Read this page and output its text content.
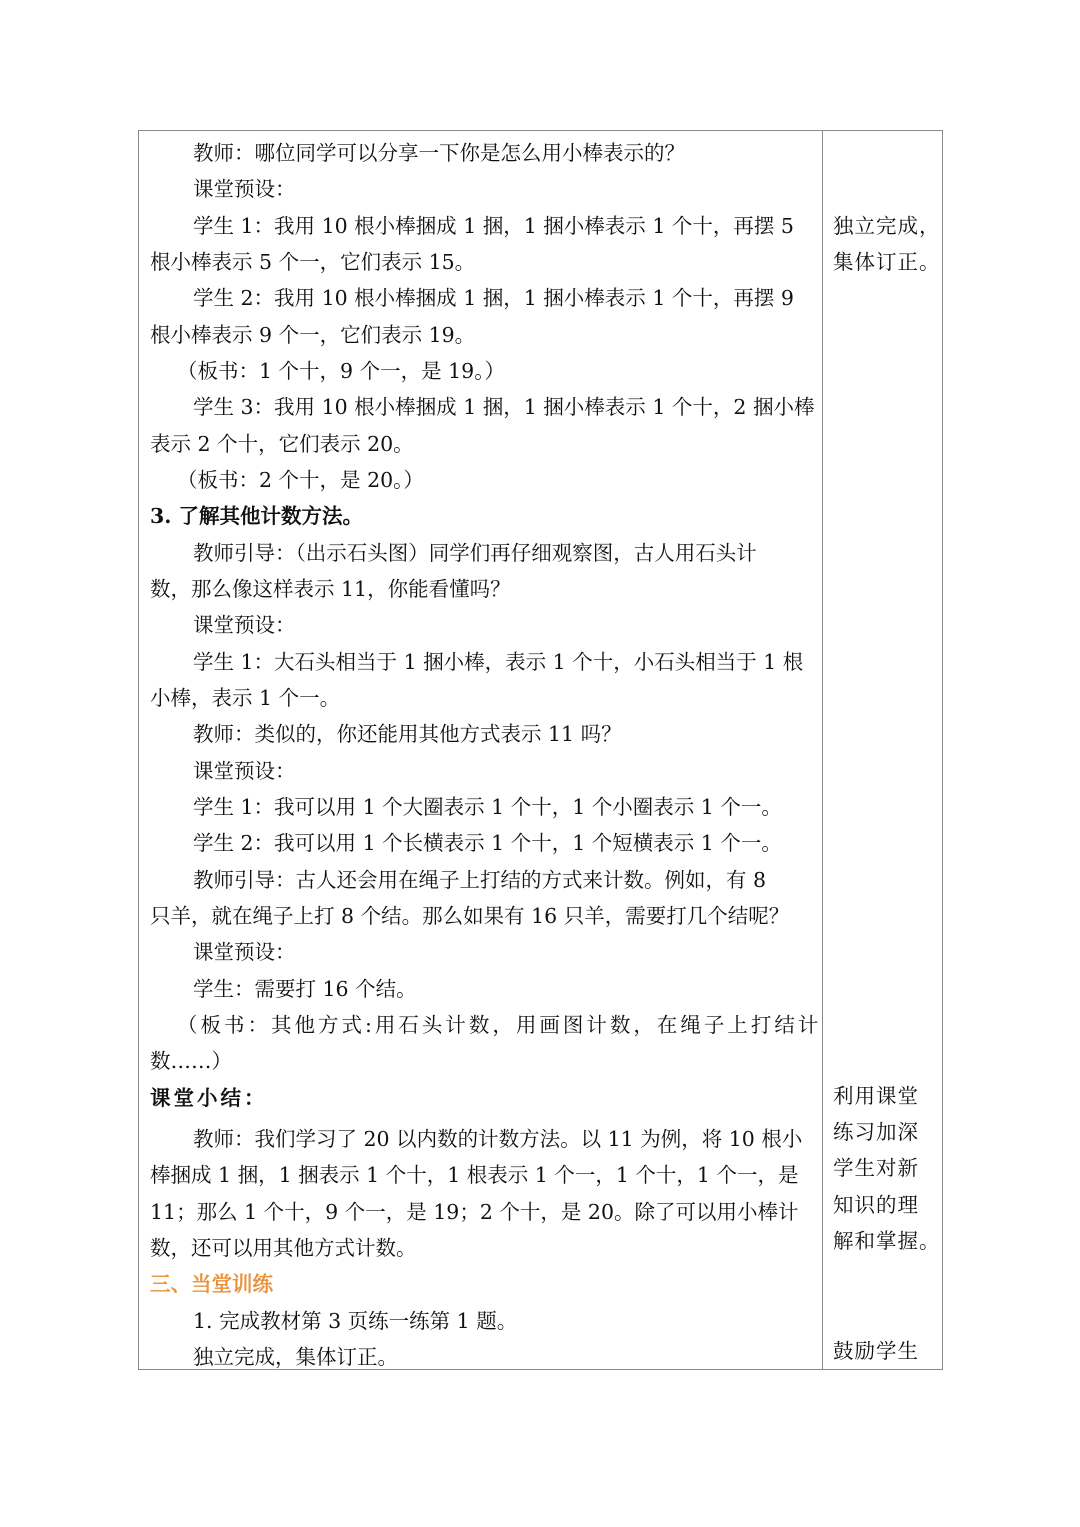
教师：哪位同学可以分享一下你是怎么用小棒表示的？
课堂预设：
学生 1：我用 10 根小棒捆成 1 捆，1 捆小棒表示 1 个十，再摆 5
根小棒表示 5 个一，它们表示 15。
学生 2：我用 10 根小棒捆成 1 捆，1 捆小棒表示 1 个十，再摆 9
根小棒表示 9 个一，它们表示 19。
（板书：1 个十，9 个一，是 19。）
学生 3：我用 10 根小棒捆成 1 捆，1 捆小棒表示 1 个十，2 捆小棒
表示 2 个十，它们表示 20。
（板书：2 个十，是 20。）
3. 了解其他计数方法。
教师引导：（出示石头图）同学们再仔细观察图，古人用石头计
数，那么像这样表示 11，你能看懂吗？
课堂预设：
学生 1：大石头相当于 1 捆小棒，表示 1 个十，小石头相当于 1 根
小棒，表示 1 个一。
教师：类似的，你还能用其他方式表示 11 吗？
课堂预设：
学生 1：我可以用 1 个大圈表示 1 个十，1 个小圈表示 1 个一。
学生 2：我可以用 1 个长横表示 1 个十，1 个短横表示 1 个一。
教师引导：古人还会用在绳子上打结的方式来计数。例如，有 8
只羊，就在绳子上打 8 个结。那么如果有 16 只羊，需要打几个结呢？
课堂预设：
学生：需要打 16 个结。
（板书：其他方式:用石头计数，用画图计数，在绳子上打结计
数……）
课堂小结：
教师：我们学习了 20 以内数的计数方法。以 11 为例，将 10 根小
棒捆成 1 捆，1 捆表示 1 个十，1 根表示 1 个一，1 个十，1 个一，是
11；那么 1 个十，9 个一，是 19；2 个十，是 20。除了可以用小棒计
数，还可以用其他方式计数。
三、当堂训练
1. 完成教材第 3 页练一练第 1 题。
独立完成，集体订正。
独立完成，
集体订正。
利用课堂
练习加深
学生对新
知识的理
解和掌握。
鼓励学生
